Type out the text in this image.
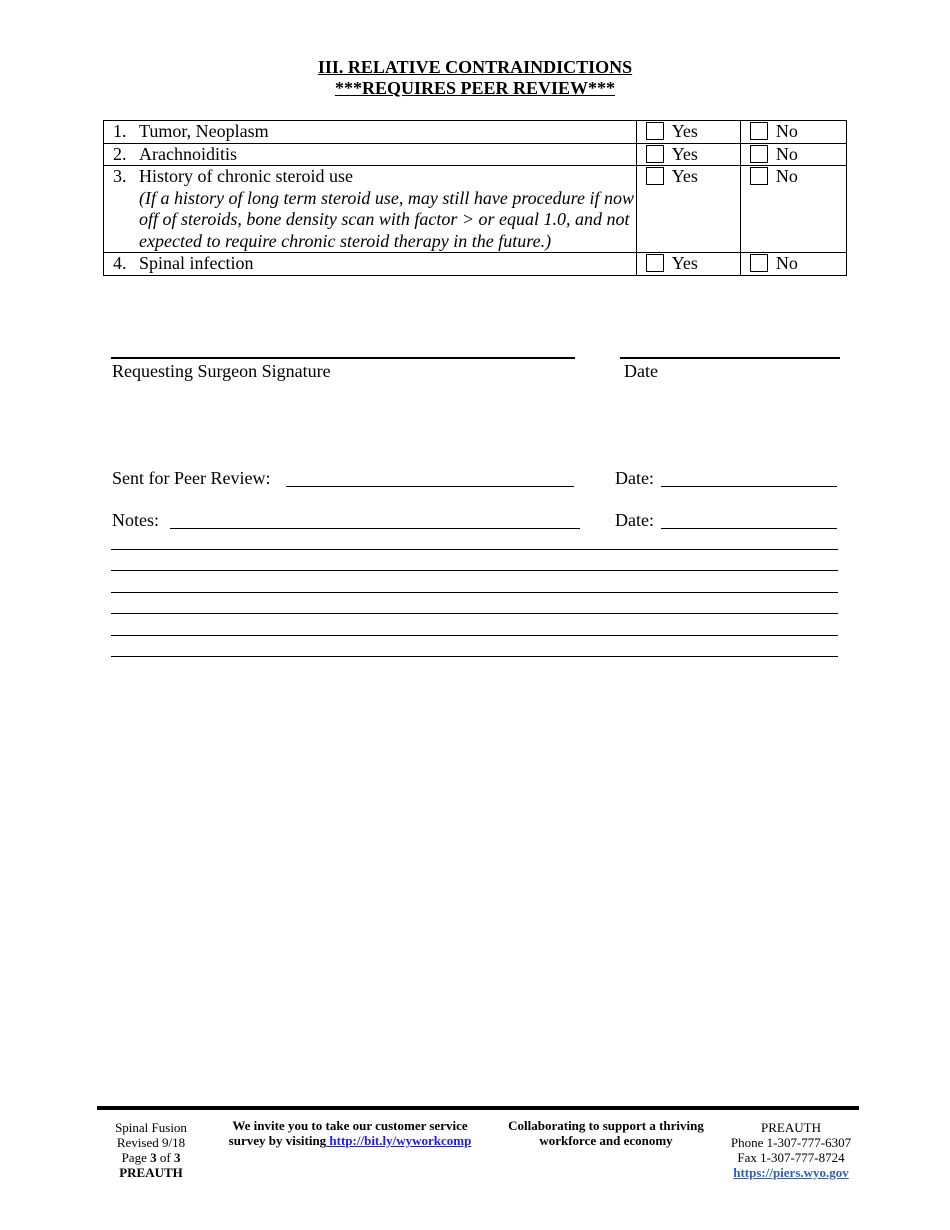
III. RELATIVE CONTRAINDICTIONS
***REQUIRES PEER REVIEW***
1.	Tumor, Neoplasm	Yes	No
2.	Arachnoiditis	Yes	No
3.	History of chronic steroid use
(If a history of long term steroid use, may still have procedure if now off of steroids, bone density scan with factor > or equal 1.0, and not expected to require chronic steroid therapy in the future.)	Yes	No
4.	Spinal infection	Yes	No
Requesting Surgeon Signature	Date
Sent for Peer Review:	Date:
Notes:	Date:
Spinal Fusion
Revised 9/18
Page 3 of 3
PREAUTH
We invite you to take our customer service survey by visiting http://bit.ly/wyworkcomp
Collaborating to support a thriving workforce and economy
PREAUTH
Phone 1-307-777-6307
Fax 1-307-777-8724
https://piers.wyo.gov
